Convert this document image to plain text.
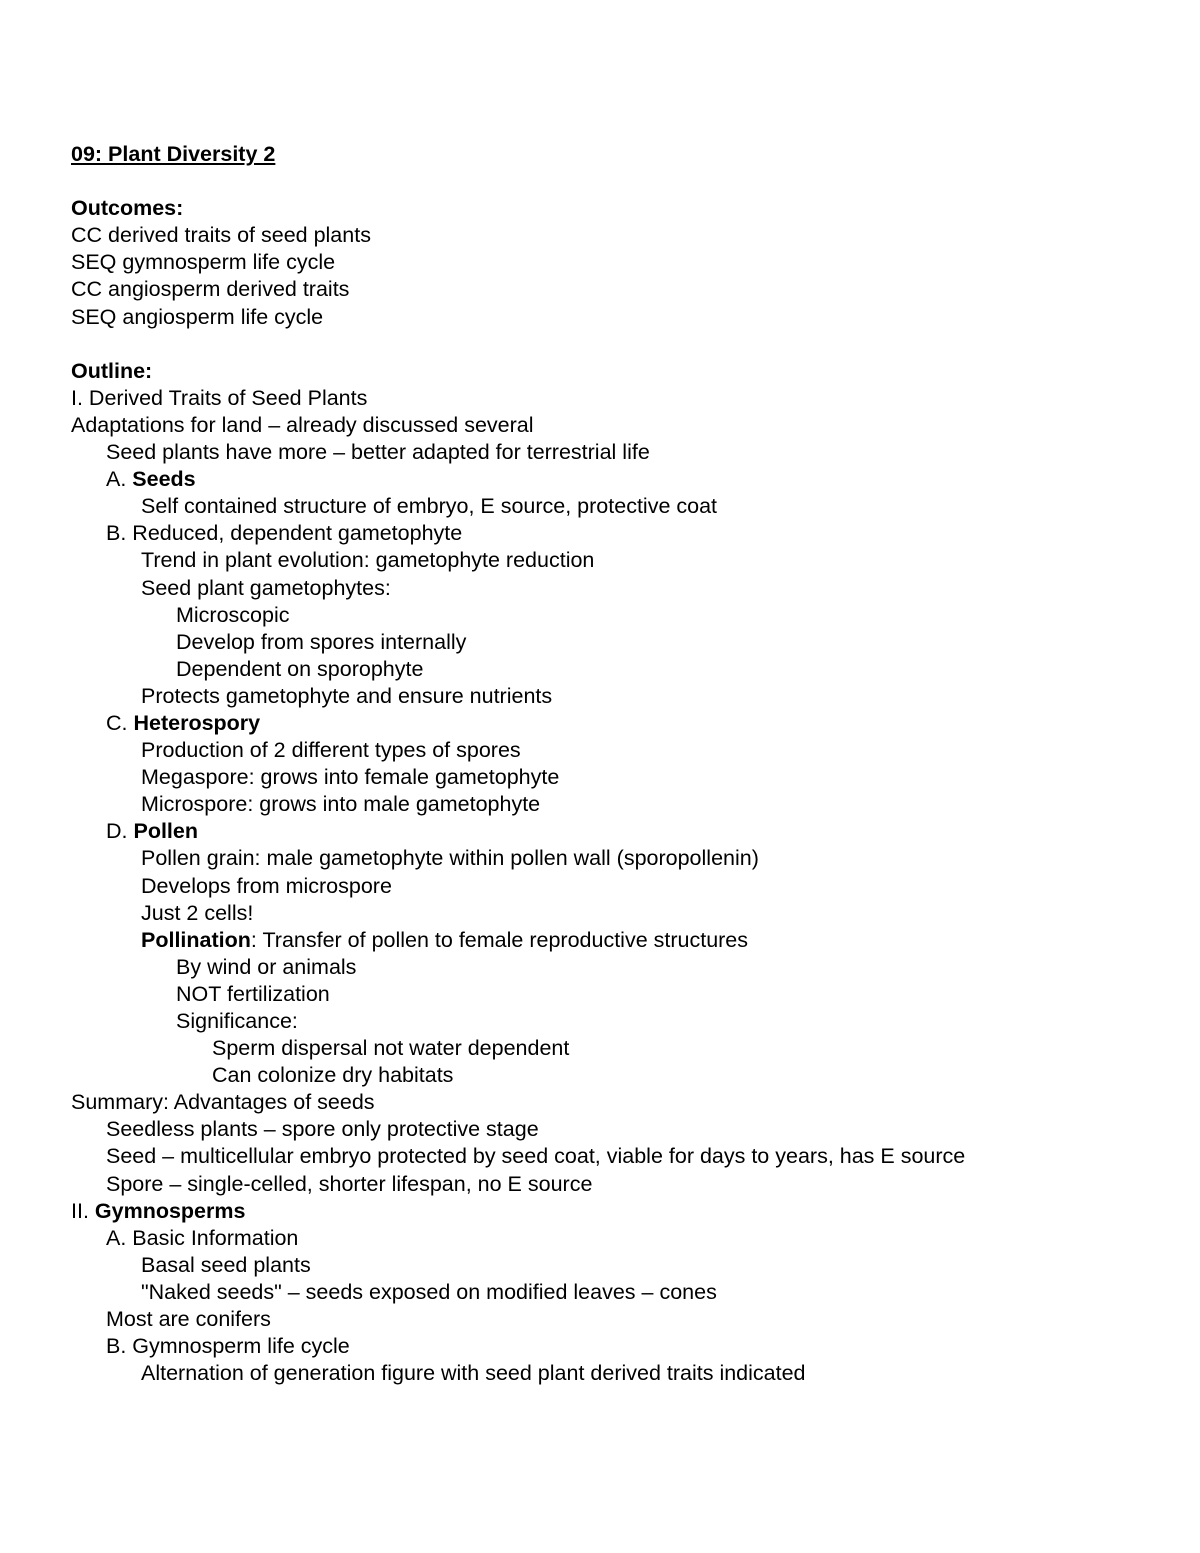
09: Plant Diversity 2
Outcomes:
CC derived traits of seed plants
SEQ gymnosperm life cycle
CC angiosperm derived traits
SEQ angiosperm life cycle
Outline:
I. Derived Traits of Seed Plants
Adaptations for land – already discussed several
Seed plants have more – better adapted for terrestrial life
A. Seeds
Self contained structure of embryo, E source, protective coat
B. Reduced, dependent gametophyte
Trend in plant evolution: gametophyte reduction
Seed plant gametophytes:
Microscopic
Develop from spores internally
Dependent on sporophyte
Protects gametophyte and ensure nutrients
C. Heterospory
Production of 2 different types of spores
Megaspore: grows into female gametophyte
Microspore: grows into male gametophyte
D. Pollen
Pollen grain: male gametophyte within pollen wall (sporopollenin)
Develops from microspore
Just 2 cells!
Pollination: Transfer of pollen to female reproductive structures
By wind or animals
NOT fertilization
Significance:
Sperm dispersal not water dependent
Can colonize dry habitats
Summary: Advantages of seeds
Seedless plants – spore only protective stage
Seed – multicellular embryo protected by seed coat, viable for days to years, has E source
Spore – single-celled, shorter lifespan, no E source
II. Gymnosperms
A. Basic Information
Basal seed plants
"Naked seeds" – seeds exposed on modified leaves – cones
Most are conifers
B. Gymnosperm life cycle
Alternation of generation figure with seed plant derived traits indicated
